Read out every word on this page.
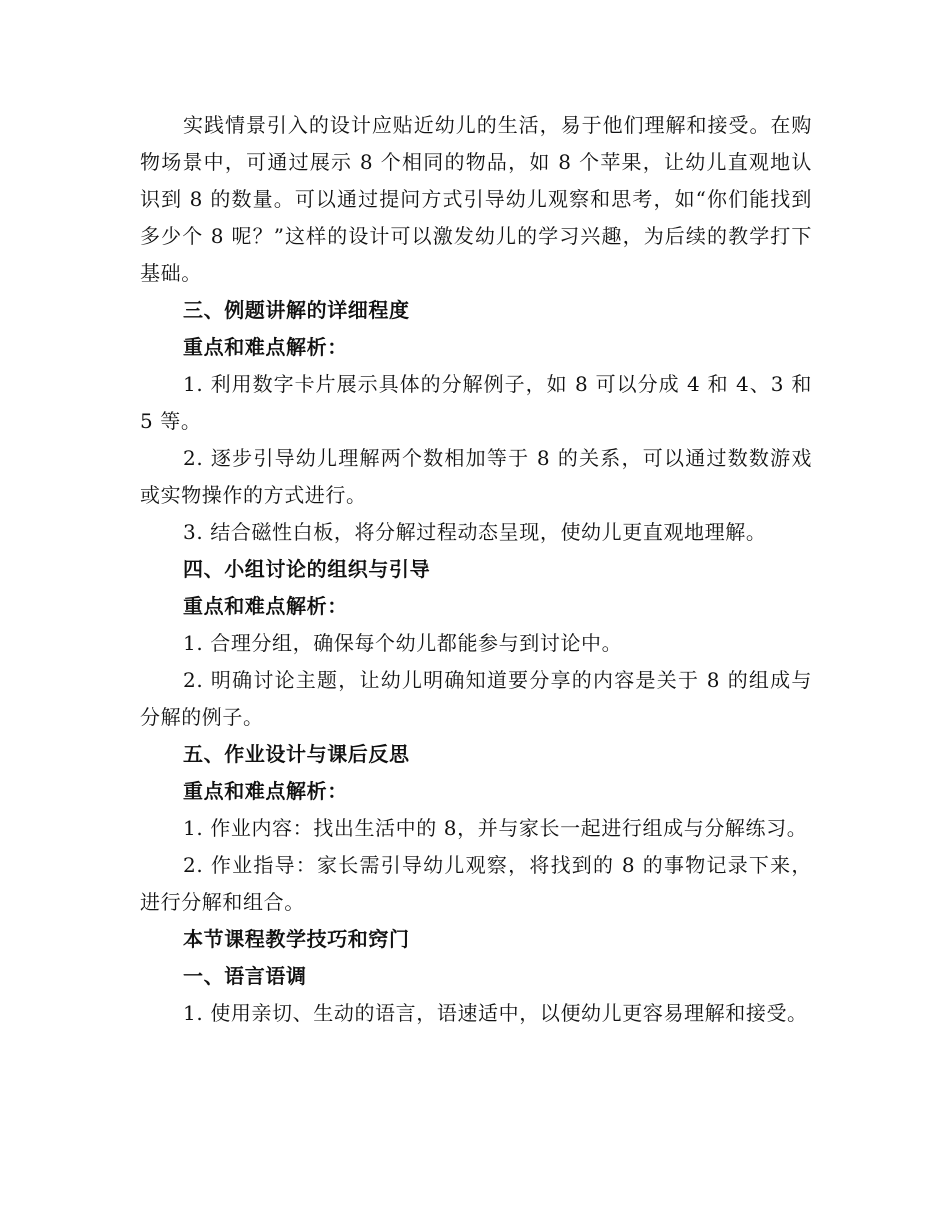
实践情景引入的设计应贴近幼儿的生活，易于他们理解和接受。在购物场景中，可通过展示 8 个相同的物品，如 8 个苹果，让幼儿直观地认识到 8 的数量。可以通过提问方式引导幼儿观察和思考，如“你们能找到多少个 8 呢？”这样的设计可以激发幼儿的学习兴趣，为后续的教学打下基础。

三、例题讲解的详细程度

重点和难点解析：

1. 利用数字卡片展示具体的分解例子，如 8 可以分成 4 和 4、3 和 5 等。

2. 逐步引导幼儿理解两个数相加等于 8 的关系，可以通过数数游戏或实物操作的方式进行。

3. 结合磁性白板，将分解过程动态呈现，使幼儿更直观地理解。

四、小组讨论的组织与引导

重点和难点解析：

1. 合理分组，确保每个幼儿都能参与到讨论中。

2. 明确讨论主题，让幼儿明确知道要分享的内容是关于 8 的组成与分解的例子。

五、作业设计与课后反思

重点和难点解析：

1. 作业内容：找出生活中的 8，并与家长一起进行组成与分解练习。

2. 作业指导：家长需引导幼儿观察，将找到的 8 的事物记录下来，进行分解和组合。

本节课程教学技巧和窍门

一、语言语调

1. 使用亲切、生动的语言，语速适中，以便幼儿更容易理解和接受。
